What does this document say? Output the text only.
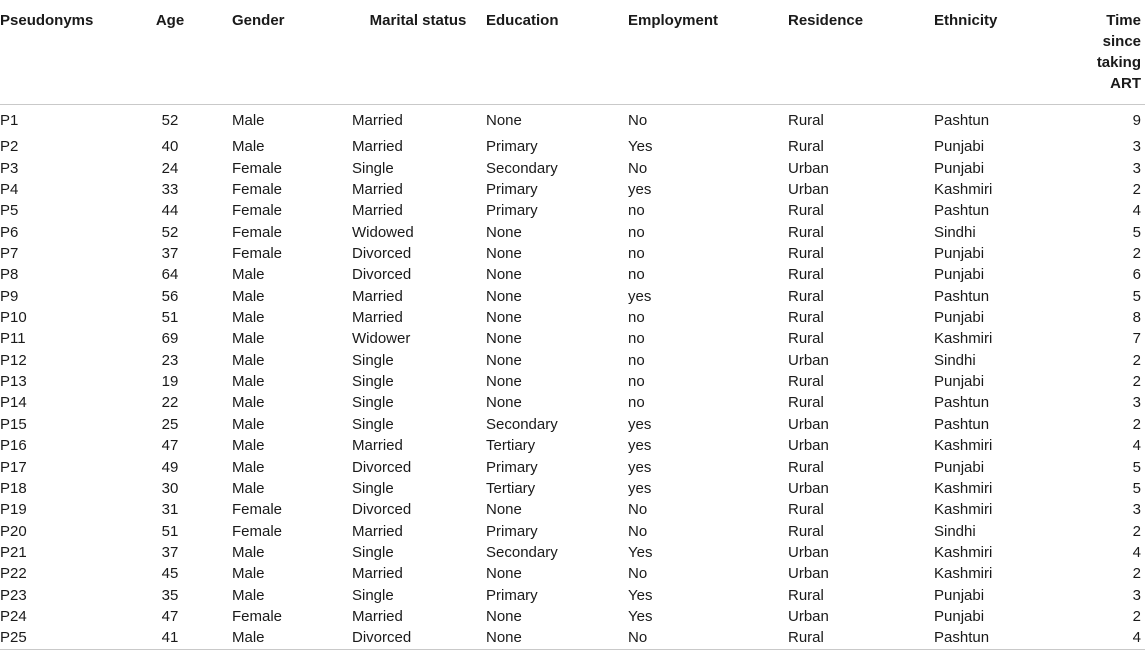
Pseudonyms	Age	Gender	Marital status	Education	Employment	Residence	Ethnicity	Time since taking ART
P1	52	Male	Married	None	No	Rural	Pashtun	9
P2	40	Male	Married	Primary	Yes	Rural	Punjabi	3
P3	24	Female	Single	Secondary	No	Urban	Punjabi	3
P4	33	Female	Married	Primary	yes	Urban	Kashmiri	2
P5	44	Female	Married	Primary	no	Rural	Pashtun	4
P6	52	Female	Widowed	None	no	Rural	Sindhi	5
P7	37	Female	Divorced	None	no	Rural	Punjabi	2
P8	64	Male	Divorced	None	no	Rural	Punjabi	6
P9	56	Male	Married	None	yes	Rural	Pashtun	5
P10	51	Male	Married	None	no	Rural	Punjabi	8
P11	69	Male	Widower	None	no	Rural	Kashmiri	7
P12	23	Male	Single	None	no	Urban	Sindhi	2
P13	19	Male	Single	None	no	Rural	Punjabi	2
P14	22	Male	Single	None	no	Rural	Pashtun	3
P15	25	Male	Single	Secondary	yes	Urban	Pashtun	2
P16	47	Male	Married	Tertiary	yes	Urban	Kashmiri	4
P17	49	Male	Divorced	Primary	yes	Rural	Punjabi	5
P18	30	Male	Single	Tertiary	yes	Urban	Kashmiri	5
P19	31	Female	Divorced	None	No	Rural	Kashmiri	3
P20	51	Female	Married	Primary	No	Rural	Sindhi	2
P21	37	Male	Single	Secondary	Yes	Urban	Kashmiri	4
P22	45	Male	Married	None	No	Urban	Kashmiri	2
P23	35	Male	Single	Primary	Yes	Rural	Punjabi	3
P24	47	Female	Married	None	Yes	Urban	Punjabi	2
P25	41	Male	Divorced	None	No	Rural	Pashtun	4
